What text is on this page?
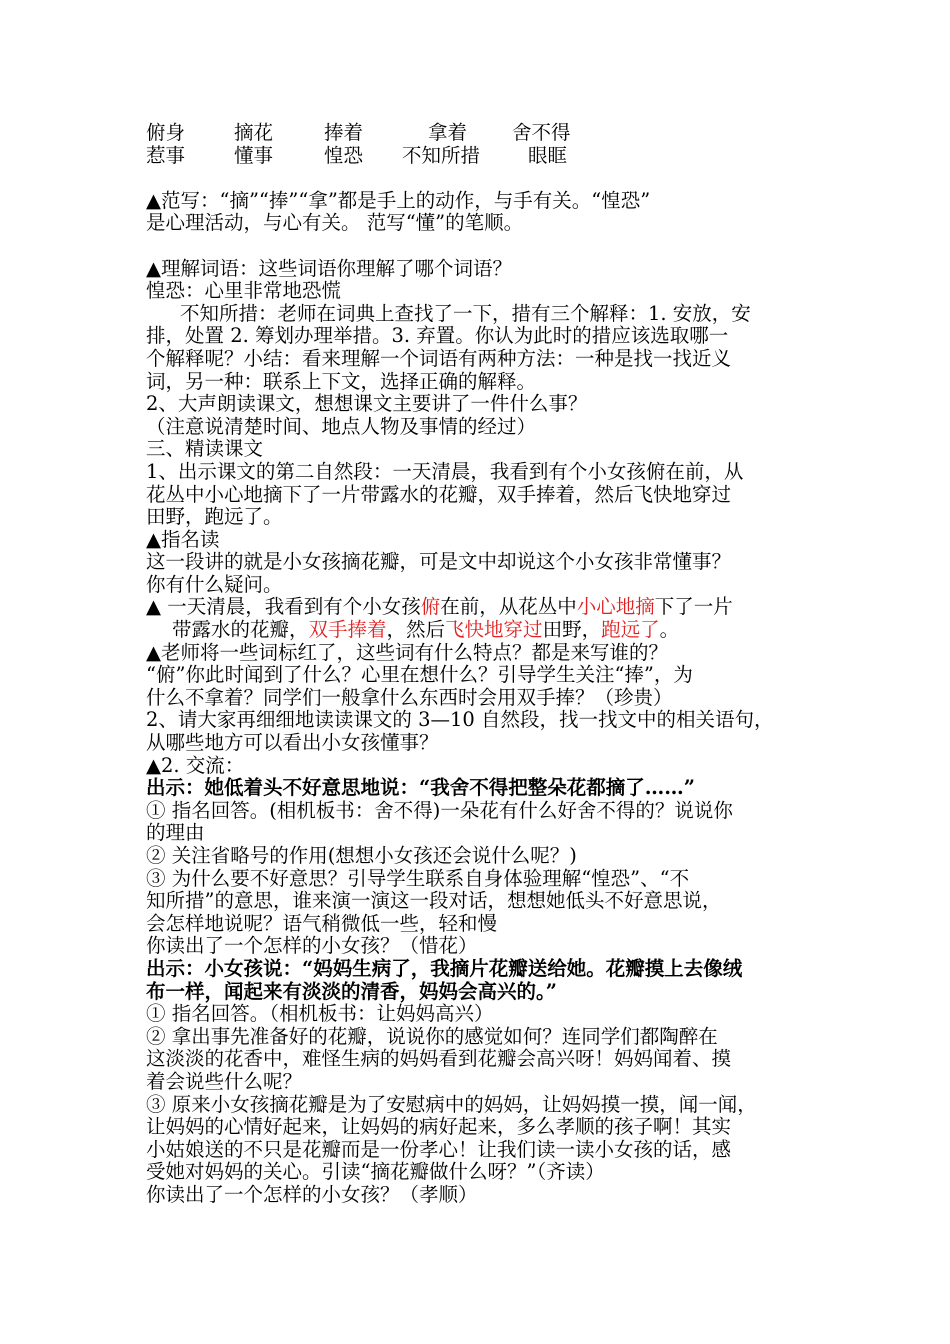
俯身	摘花	捧着	拿着 舍不得
惹事	懂事	惶恐 不知所措 眼眶
▲范写：“摘”“捧”“拿”都是手上的动作，与手有关。“惶恐”
是心理活动，与心有关。 范写“懂”的笔顺。
▲理解词语：这些词语你理解了哪个词语？
惶恐：心里非常地恐慌
不知所措：老师在词典上查找了一下，措有三个解释：1. 安放，安
排，处置 2. 筹划办理举措。3. 弃置。你认为此时的措应该选取哪一
个解释呢？小结：看来理解一个词语有两种方法：一种是找一找近义
词，另一种：联系上下文，选择正确的解释。
2、大声朗读课文，想想课文主要讲了一件什么事？
（注意说清楚时间、地点人物及事情的经过）
三、精读课文
1、出示课文的第二自然段：一天清晨，我看到有个小女孩俯在前，从
花丛中小心地摘下了一片带露水的花瓣，双手捧着，然后飞快地穿过
田野，跑远了。
▲指名读
这一段讲的就是小女孩摘花瓣，可是文中却说这个小女孩非常懂事？
你有什么疑问。
▲ 一天清晨，我看到有个小女孩俯在前，从花丛中小心地摘下了一片
带露水的花瓣，双手捧着，然后飞快地穿过田野，跑远了。
▲老师将一些词标红了，这些词有什么特点？都是来写谁的？
“俯”你此时闻到了什么？心里在想什么？引导学生关注“捧”，为
什么不拿着？同学们一般拿什么东西时会用双手捧？（珍贵）
2、请大家再细细地读读课文的 3—10 自然段，找一找文中的相关语句，
从哪些地方可以看出小女孩懂事？
▲2. 交流：
出示：她低着头不好意思地说：“我舍不得把整朵花都摘了……”
① 指名回答。(相机板书：舍不得)一朵花有什么好舍不得的？说说你
的理由
② 关注省略号的作用(想想小女孩还会说什么呢？)
③ 为什么要不好意思？引导学生联系自身体验理解“惶恐”、“不
知所措”的意思，谁来演一演这一段对话，想想她低头不好意思说，
会怎样地说呢？语气稍微低一些，轻和慢
你读出了一个怎样的小女孩？（惜花）
出示：小女孩说：“妈妈生病了，我摘片花瓣送给她。花瓣摸上去像绒
布一样，闻起来有淡淡的清香，妈妈会高兴的。”
① 指名回答。（相机板书：让妈妈高兴）
② 拿出事先准备好的花瓣，说说你的感觉如何？连同学们都陶醉在
这淡淡的花香中，难怪生病的妈妈看到花瓣会高兴呀！妈妈闻着、摸
着会说些什么呢？
③ 原来小女孩摘花瓣是为了安慰病中的妈妈，让妈妈摸一摸，闻一闻，
让妈妈的心情好起来，让妈妈的病好起来，多么孝顺的孩子啊！其实
小姑娘送的不只是花瓣而是一份孝心！让我们读一读小女孩的话，感
受她对妈妈的关心。引读“摘花瓣做什么呀？”（齐读）
你读出了一个怎样的小女孩？（孝顺）
